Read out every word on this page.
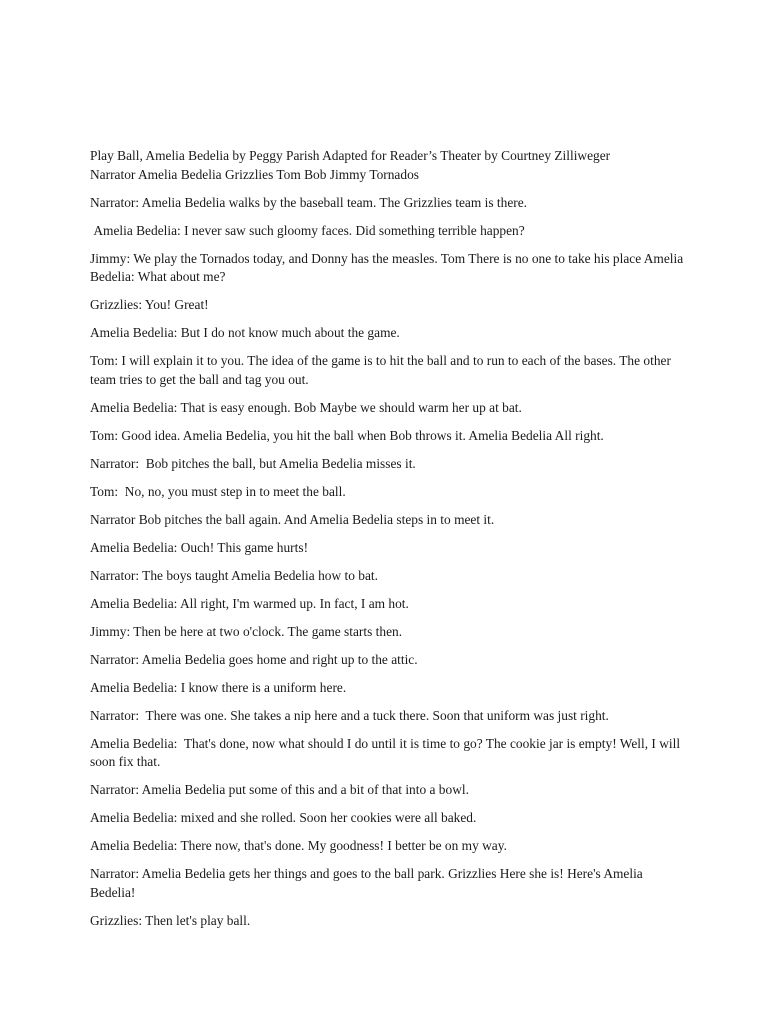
Play Ball, Amelia Bedelia by Peggy Parish Adapted for Reader’s Theater by Courtney Zilliweger

Narrator Amelia Bedelia Grizzlies Tom Bob Jimmy Tornados

Narrator: Amelia Bedelia walks by the baseball team. The Grizzlies team is there.

Amelia Bedelia: I never saw such gloomy faces. Did something terrible happen?

Jimmy: We play the Tornados today, and Donny has the measles. Tom There is no one to take his place Amelia Bedelia: What about me?

Grizzlies: You! Great!

Amelia Bedelia: But I do not know much about the game.

Tom: I will explain it to you. The idea of the game is to hit the ball and to run to each of the bases. The other team tries to get the ball and tag you out.

Amelia Bedelia: That is easy enough. Bob Maybe we should warm her up at bat.

Tom: Good idea. Amelia Bedelia, you hit the ball when Bob throws it. Amelia Bedelia All right.

Narrator:  Bob pitches the ball, but Amelia Bedelia misses it.

Tom:  No, no, you must step in to meet the ball.

Narrator Bob pitches the ball again. And Amelia Bedelia steps in to meet it.

Amelia Bedelia: Ouch! This game hurts!

Narrator: The boys taught Amelia Bedelia how to bat.

Amelia Bedelia: All right, I'm warmed up. In fact, I am hot.

Jimmy: Then be here at two o'clock. The game starts then.

Narrator: Amelia Bedelia goes home and right up to the attic.

Amelia Bedelia: I know there is a uniform here.

Narrator:  There was one. She takes a nip here and a tuck there. Soon that uniform was just right.

Amelia Bedelia:  That's done, now what should I do until it is time to go? The cookie jar is empty! Well, I will soon fix that.

Narrator: Amelia Bedelia put some of this and a bit of that into a bowl.

Amelia Bedelia: mixed and she rolled. Soon her cookies were all baked.

Amelia Bedelia: There now, that's done. My goodness! I better be on my way.

Narrator: Amelia Bedelia gets her things and goes to the ball park. Grizzlies Here she is! Here's Amelia Bedelia!

Grizzlies: Then let's play ball.
